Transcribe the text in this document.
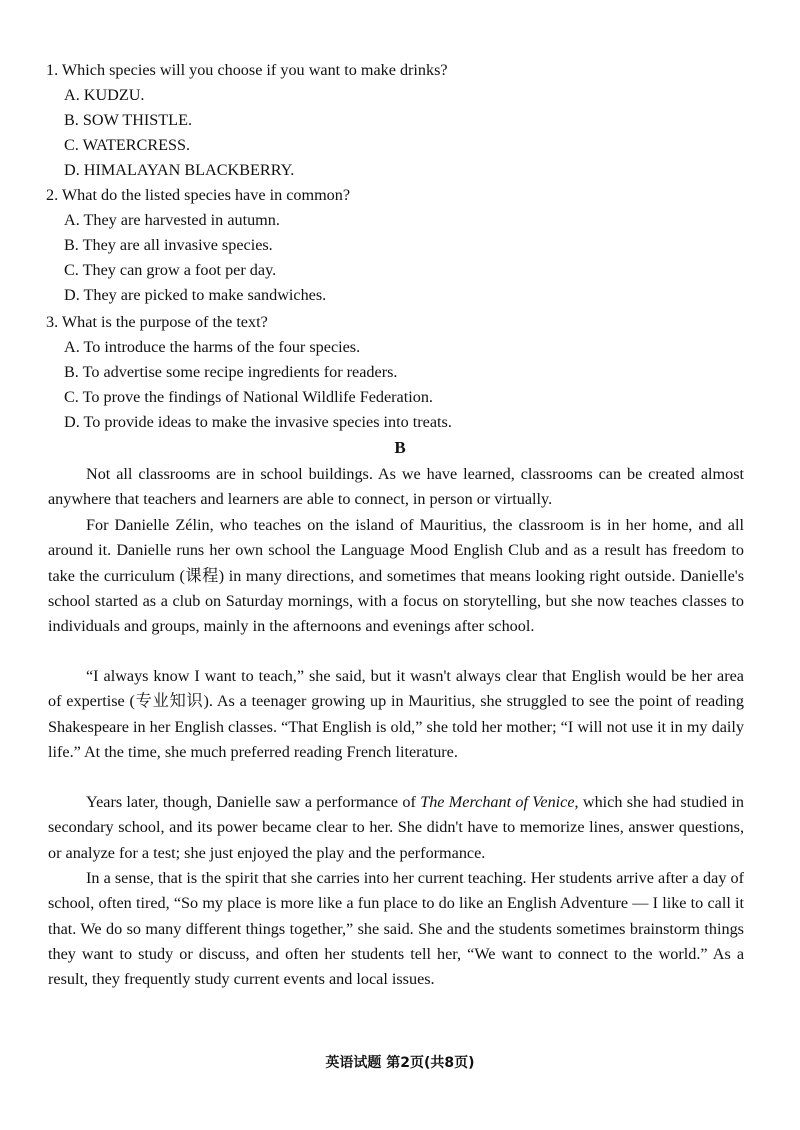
1. Which species will you choose if you want to make drinks?
A. KUDZU.
B. SOW THISTLE.
C. WATERCRESS.
D. HIMALAYAN BLACKBERRY.
2. What do the listed species have in common?
A. They are harvested in autumn.
B. They are all invasive species.
C. They can grow a foot per day.
D. They are picked to make sandwiches.
3. What is the purpose of the text?
A. To introduce the harms of the four species.
B. To advertise some recipe ingredients for readers.
C. To prove the findings of National Wildlife Federation.
D. To provide ideas to make the invasive species into treats.
B

Not all classrooms are in school buildings. As we have learned, classrooms can be created almost anywhere that teachers and learners are able to connect, in person or virtually.

For Danielle Zélin, who teaches on the island of Mauritius, the classroom is in her home, and all around it. Danielle runs her own school the Language Mood English Club and as a result has freedom to take the curriculum (课程) in many directions, and sometimes that means looking right outside. Danielle's school started as a club on Saturday mornings, with a focus on storytelling, but she now teaches classes to individuals and groups, mainly in the afternoons and evenings after school.

“I always know I want to teach,” she said, but it wasn't always clear that English would be her area of expertise (专业知识). As a teenager growing up in Mauritius, she struggled to see the point of reading Shakespeare in her English classes. “That English is old,” she told her mother; “I will not use it in my daily life.” At the time, she much preferred reading French literature.

Years later, though, Danielle saw a performance of The Merchant of Venice, which she had studied in secondary school, and its power became clear to her. She didn't have to memorize lines, answer questions, or analyze for a test; she just enjoyed the play and the performance.

In a sense, that is the spirit that she carries into her current teaching. Her students arrive after a day of school, often tired, “So my place is more like a fun place to do like an English Adventure — I like to call it that. We do so many different things together,” she said. She and the students sometimes brainstorm things they want to study or discuss, and often her students tell her, “We want to connect to the world.” As a result, they frequently study current events and local issues.

英语试题 第2页(共8页)
